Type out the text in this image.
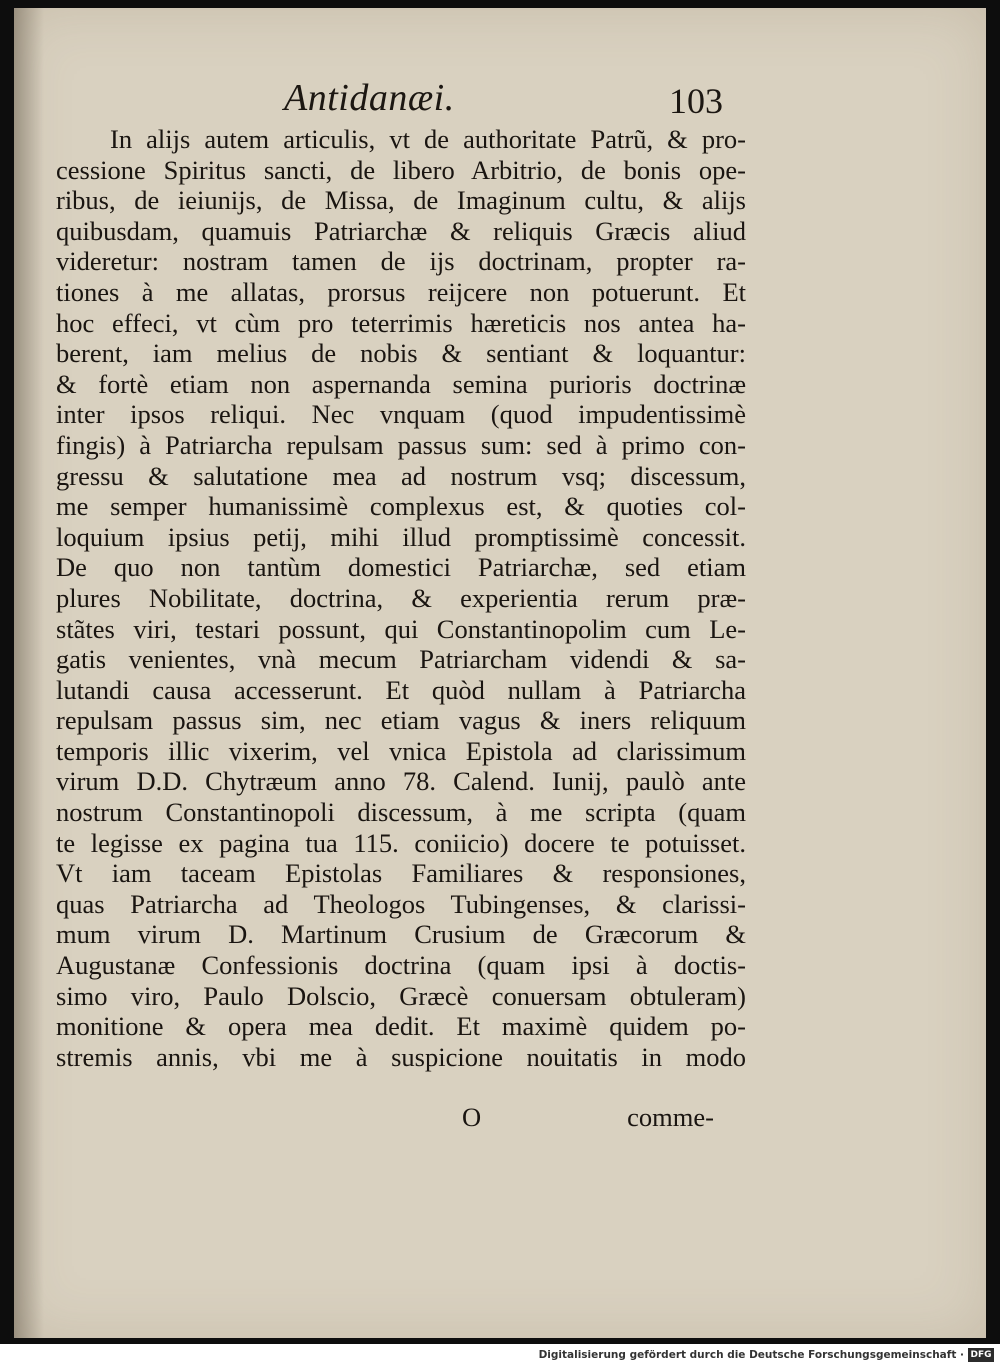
Antidanæi.	103
In aliјs autem articulis, vt de authoritate Patrũ, & pro-
cessione Spiritus sancti, de libero Arbitrio, de bonis ope-
ribus, de ieiunijs, de Missa, de Imaginum cultu, & aliјs
quibusdam, quamuis Patriarchæ & reliquis Græcis aliud
videretur: nostram tamen de ijs doctrinam, propter ra-
tiones à me allatas, prorsus reijcere non potuerunt. Et
hoc effeci, vt cùm pro teterrimis hæreticis nos antea ha-
berent, iam melius de nobis & sentiant & loquantur:
& fortè etiam non aspernanda semina purioris doctrinæ
inter ipsos reliqui. Nec vnquam (quod impudentissimè
fingis) à Patriarcha repulsam passus sum: sed à primo con-
gressu & salutatione mea ad nostrum vsq; discessum,
me semper humanissimè complexus est, & quoties col-
loquium ipsius petij, mihi illud promptissimè concessit.
De quo non tantùm domestici Patriarchæ, sed etiam
plures Nobilitate, doctrina, & experientia rerum præ-
stãtes viri, testari possunt, qui Constantinopolim cum Le-
gatis venientes, vnà mecum Patriarcham videndi & sa-
lutandi causa accesserunt. Et quòd nullam à Patriarcha
repulsam passus sim, nec etiam vagus & iners reliquum
temporis illic vixerim, vel vnica Epistola ad clarissimum
virum D.D. Chytræum anno 78. Calend. Iunij, paulò ante
nostrum Constantinopoli discessum, à me scripta (quam
te legisse ex pagina tua 115. coniicio) docere te potuisset.
Vt iam taceam Epistolas Familiares & responsiones,
quas Patriarcha ad Theologos Tubingenses, & clarissi-
mum virum D. Martinum Crusium de Græcorum &
Augustanæ Confessionis doctrina (quam ipsi à doctis-
simo viro, Paulo Dolscio, Græcè conuersam obtuleram)
monitione & opera mea dedit. Et maximè quidem po-
stremis annis, vbi me à suspicione nouitatis in modo
O	comme-
Digitalisierung gefördert durch die Deutsche Forschungsgemeinschaft · DFG
